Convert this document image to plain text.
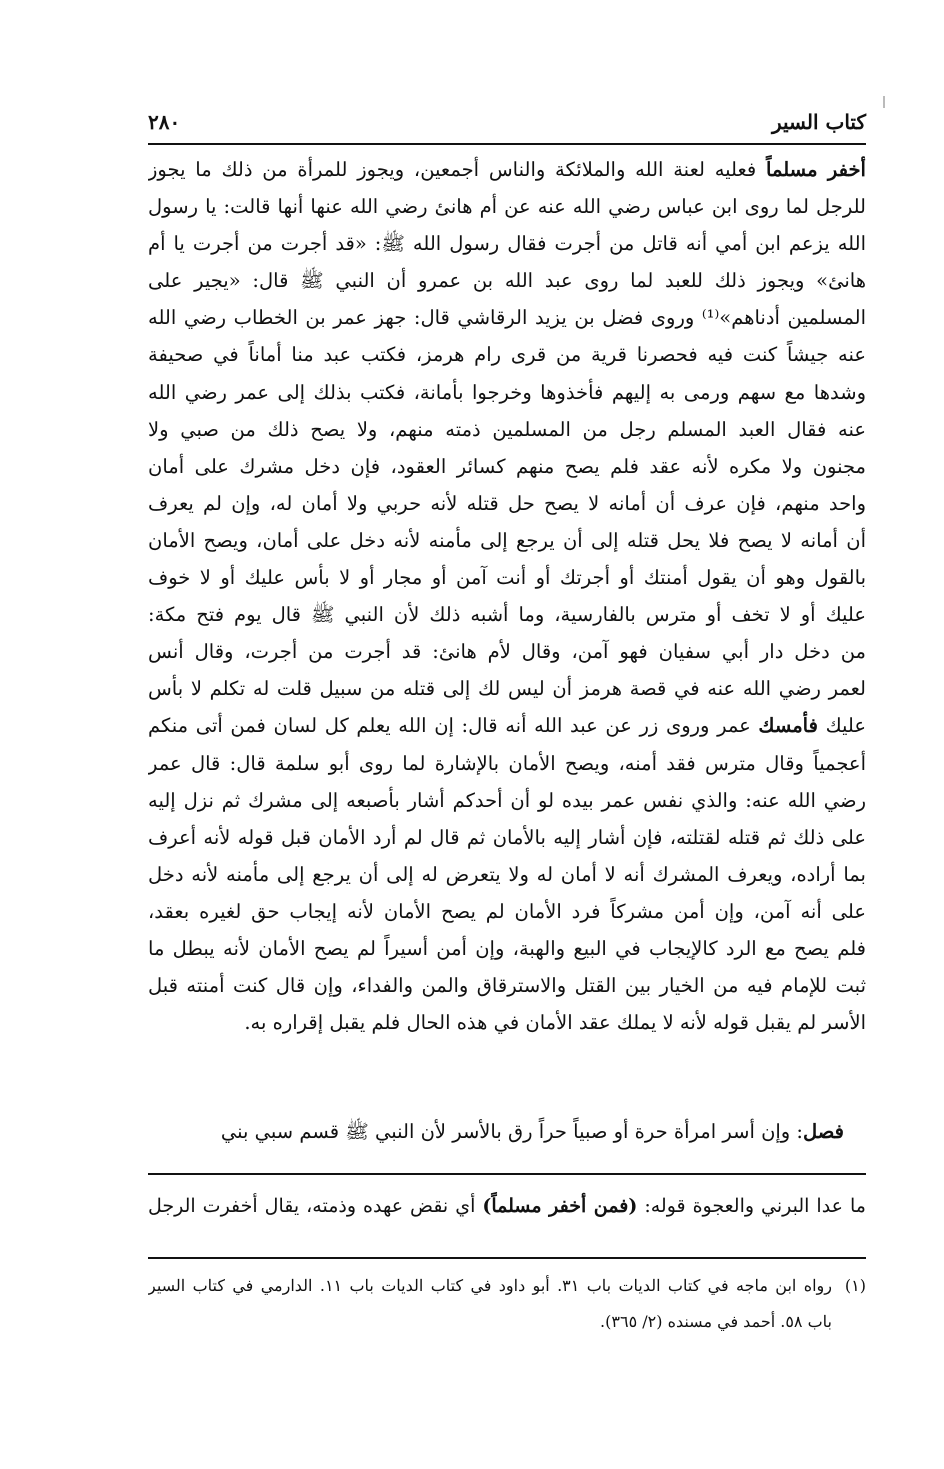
كتاب السير
٢٨٠
أخفر مسلماً فعليه لعنة الله والملائكة والناس أجمعين، ويجوز للمرأة من ذلك ما يجوز
للرجل لما روى ابن عباس رضي الله عنه عن أم هانئ رضي الله عنها أنها قالت: يا رسول
الله يزعم ابن أمي أنه قاتل من أجرت فقال رسول الله ﷺ: «قد أجرت من أجرت يا أم
هانئ» ويجوز ذلك للعبد لما روى عبد الله بن عمرو أن النبي ﷺ قال: «يجير على
المسلمين أدناهم»⁽¹⁾ وروى فضل بن يزيد الرقاشي قال: جهز عمر بن الخطاب رضي الله
عنه جيشاً كنت فيه فحصرنا قرية من قرى رام هرمز، فكتب عبد منا أماناً في صحيفة
وشدها مع سهم ورمى به إليهم فأخذوها وخرجوا بأمانة، فكتب بذلك إلى عمر رضي الله
عنه فقال العبد المسلم رجل من المسلمين ذمته منهم، ولا يصح ذلك من صبي ولا
مجنون ولا مكره لأنه عقد فلم يصح منهم كسائر العقود، فإن دخل مشرك على أمان
واحد منهم، فإن عرف أن أمانه لا يصح حل قتله لأنه حربي ولا أمان له، وإن لم يعرف
أن أمانه لا يصح فلا يحل قتله إلى أن يرجع إلى مأمنه لأنه دخل على أمان، ويصح الأمان
بالقول وهو أن يقول أمنتك أو أجرتك أو أنت آمن أو مجار أو لا بأس عليك أو لا خوف
عليك أو لا تخف أو مترس بالفارسية، وما أشبه ذلك لأن النبي ﷺ قال يوم فتح مكة:
من دخل دار أبي سفيان فهو آمن، وقال لأم هانئ: قد أجرت من أجرت، وقال أنس
لعمر رضي الله عنه في قصة هرمز أن ليس لك إلى قتله من سبيل قلت له تكلم لا بأس
عليك فأمسك عمر وروى زر عن عبد الله أنه قال: إن الله يعلم كل لسان فمن أتى منكم
أعجمياً وقال مترس فقد أمنه، ويصح الأمان بالإشارة لما روى أبو سلمة قال: قال عمر
رضي الله عنه: والذي نفس عمر بيده لو أن أحدكم أشار بأصبعه إلى مشرك ثم نزل إليه
على ذلك ثم قتله لقتلته، فإن أشار إليه بالأمان ثم قال لم أرد الأمان قبل قوله لأنه أعرف
بما أراده، ويعرف المشرك أنه لا أمان له ولا يتعرض له إلى أن يرجع إلى مأمنه لأنه دخل
على أنه آمن، وإن أمن مشركاً فرد الأمان لم يصح الأمان لأنه إيجاب حق لغيره بعقد،
فلم يصح مع الرد كالإيجاب في البيع والهبة، وإن أمن أسيراً لم يصح الأمان لأنه يبطل ما
ثبت للإمام فيه من الخيار بين القتل والاسترقاق والمن والفداء، وإن قال كنت أمنته قبل
الأسر لم يقبل قوله لأنه لا يملك عقد الأمان في هذه الحال فلم يقبل إقراره به.
فصل: وإن أسر امرأة حرة أو صبياً حراً رق بالأسر لأن النبي ﷺ قسم سبي بني
ما عدا البرني والعجوة قوله: (فمن أخفر مسلماً) أي نقض عهده وذمته، يقال أخفرت الرجل
(١)رواه ابن ماجه في كتاب الديات باب ٣١. أبو داود في كتاب الديات باب ١١. الدارمي في كتاب السير
باب ٥٨. أحمد في مسنده (٢/ ٣٦٥).
